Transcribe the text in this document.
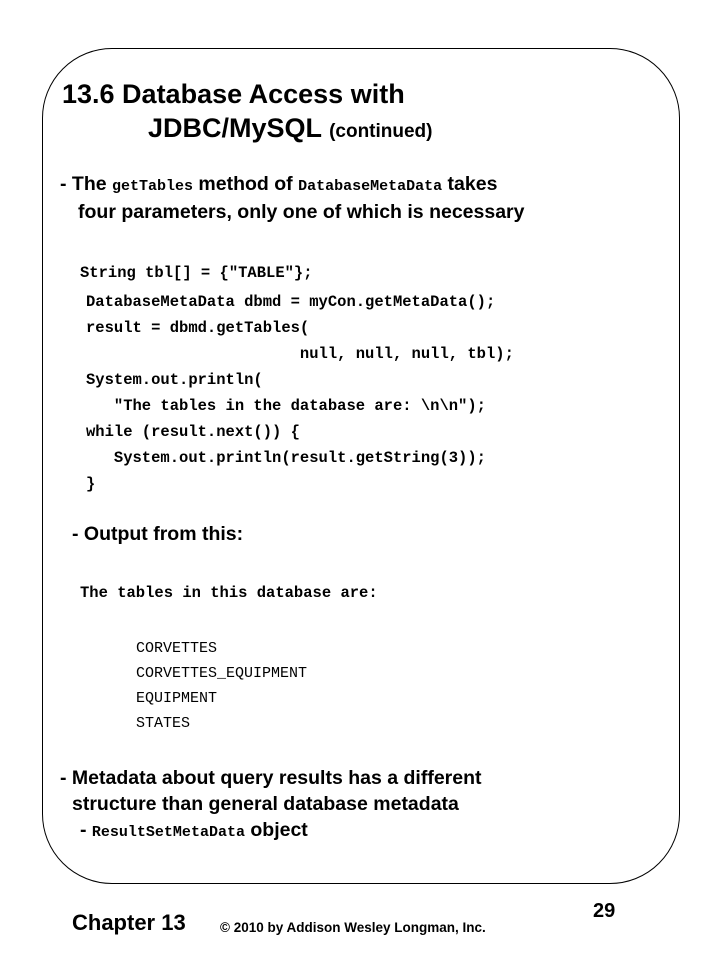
13.6 Database Access with
JDBC/MySQL (continued)
- The getTables method of DatabaseMetaData takes
four parameters, only one of which is necessary
String tbl[] = {"TABLE"};
DatabaseMetaData dbmd = myCon.getMetaData();
result = dbmd.getTables(
null, null, null, tbl);
System.out.println(
"The tables in the database are: \n\n");
while (result.next()) {
System.out.println(result.getString(3));
}
- Output from this:
The tables in this database are:
CORVETTES
CORVETTES_EQUIPMENT
EQUIPMENT
STATES
- Metadata about query results has a different
structure than general database metadata
- ResultSetMetaData object
Chapter 13	© 2010 by Addison Wesley Longman, Inc.
29
